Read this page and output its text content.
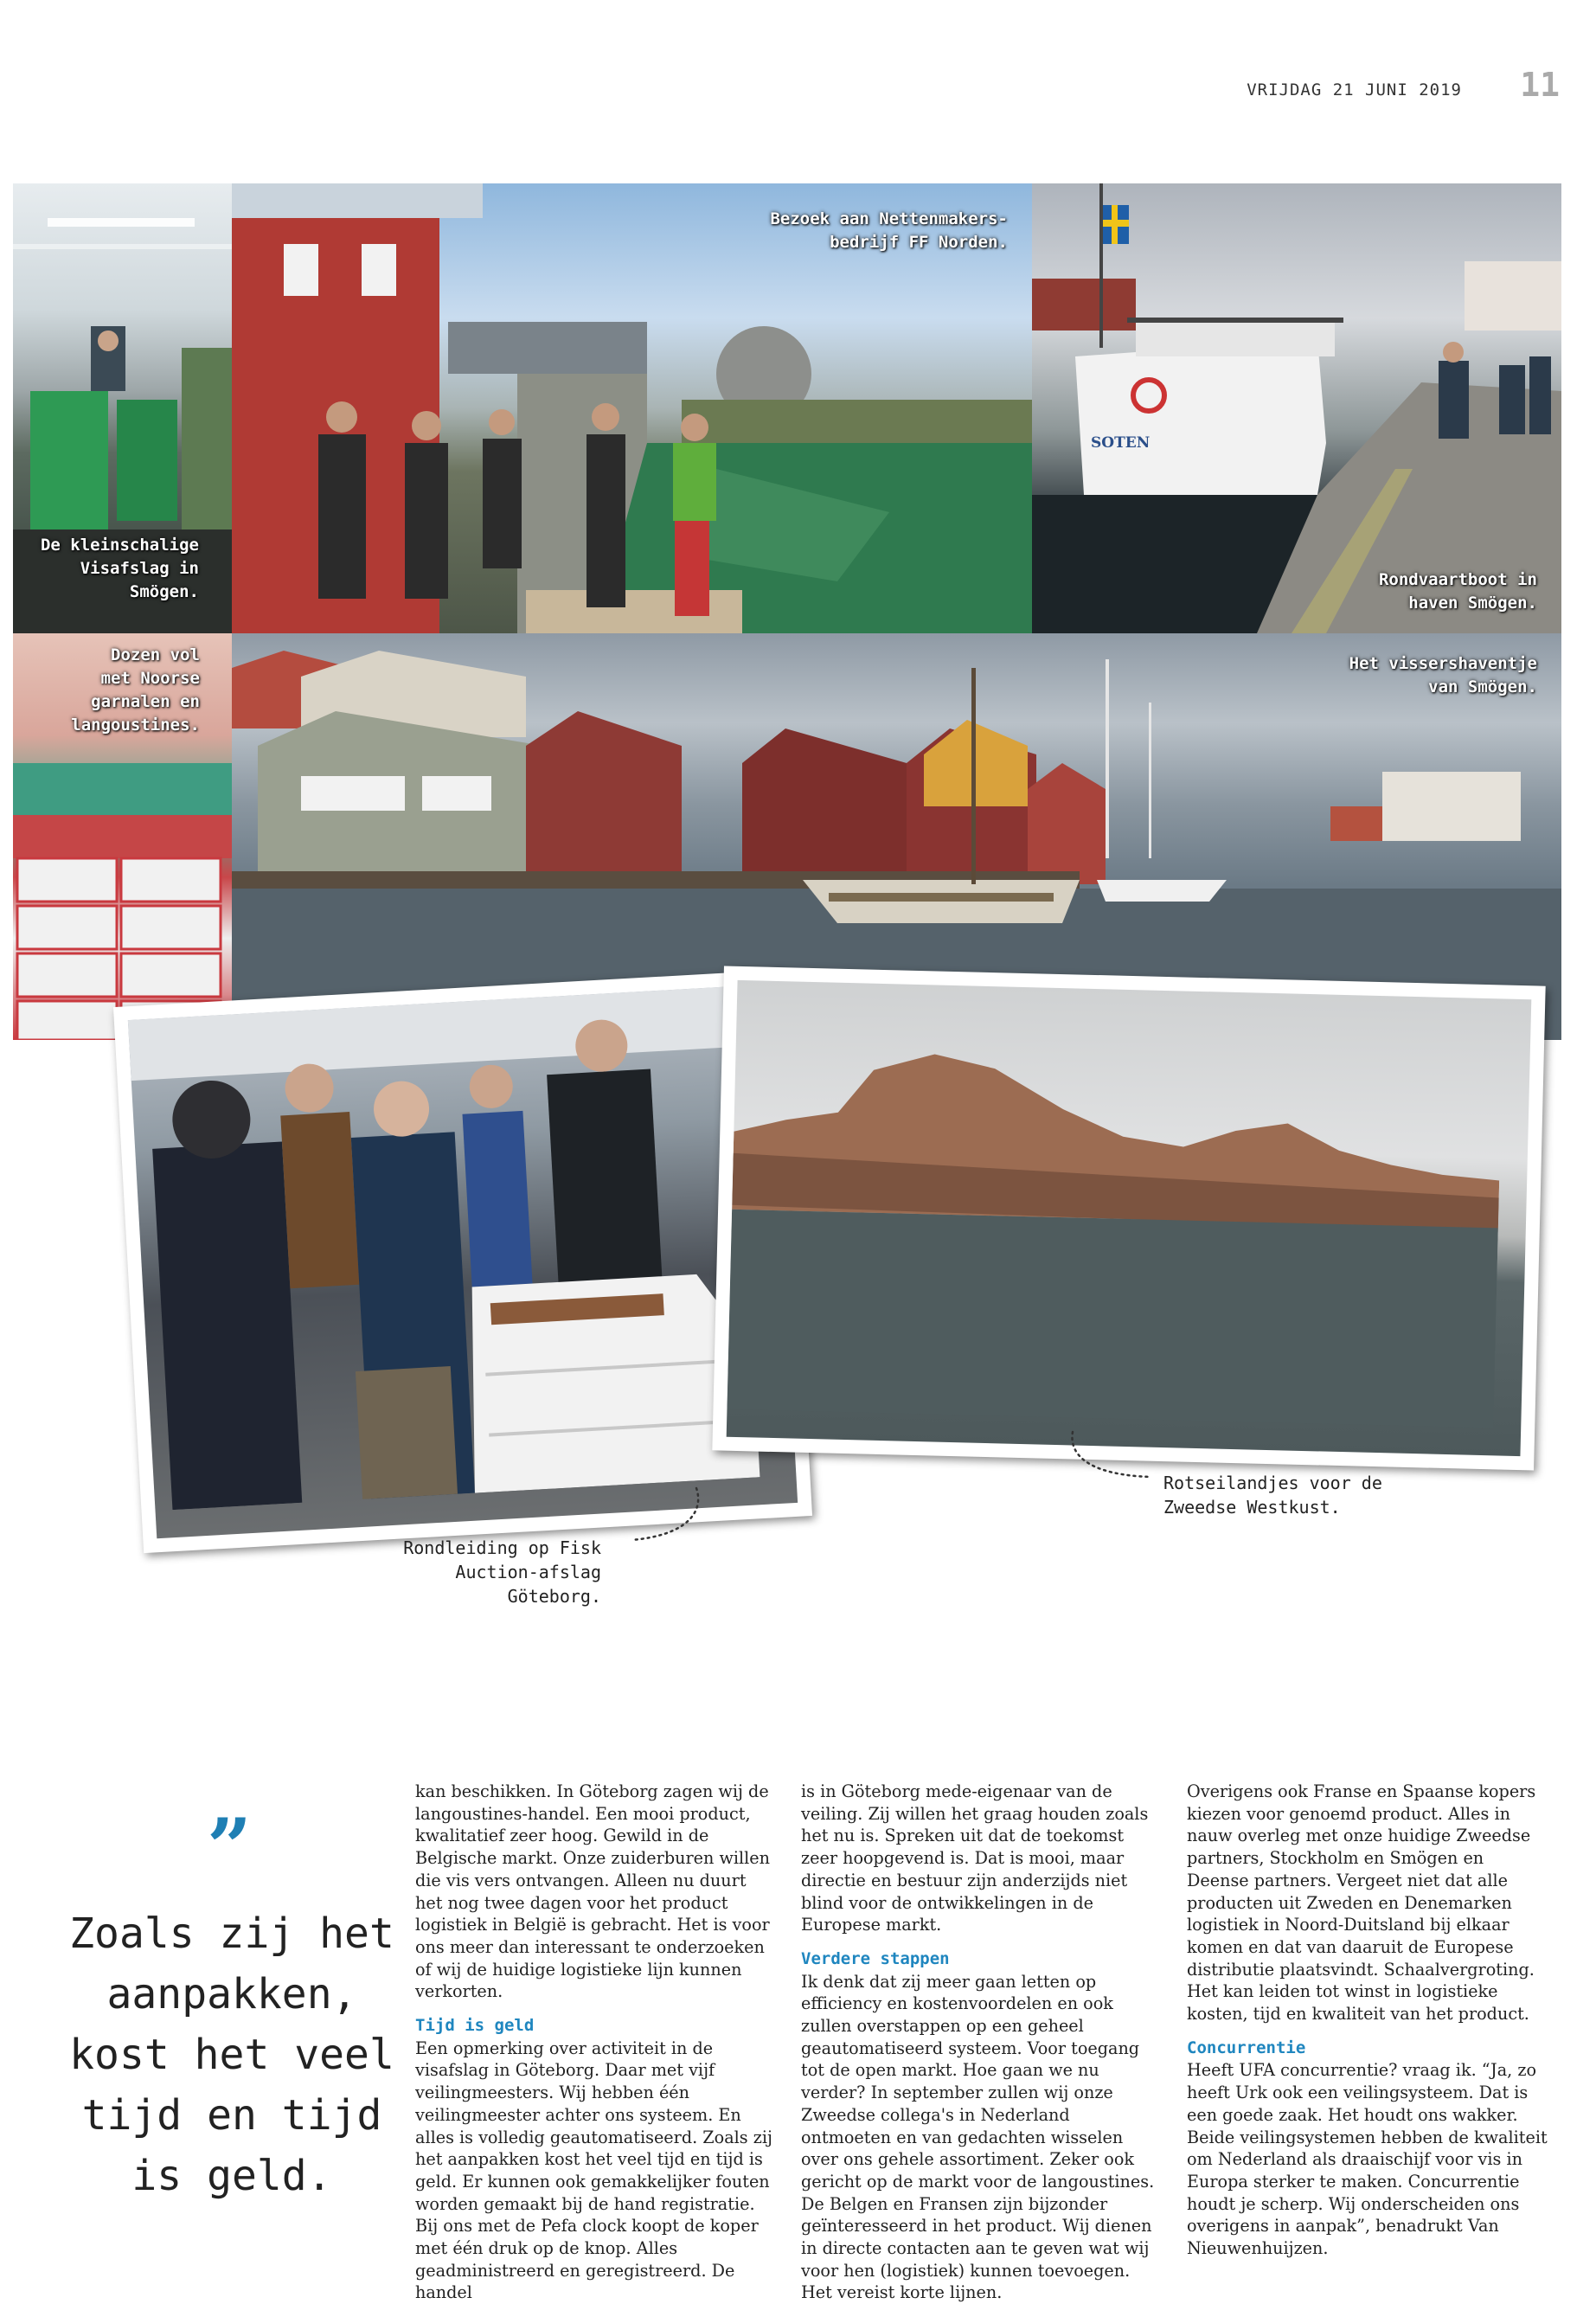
VRIJDAG 21 JUNI 2019 11
De kleinschalige
Visafslag in
Smögen.
Bezoek aan Nettenmakers-
bedrijf FF Norden.
SOTEN
Rondvaartboot in
haven Smögen.
Dozen vol
met Noorse
garnalen en
langoustines.
Het vissershaventje
van Smögen.
Rondleiding op Fisk
Auction-afslag Göteborg.
Rotseilandjes voor de
Zweedse Westkust.
”
Zoals zij het aanpakken, kost het veel tijd en tijd is geld.

kan beschikken. In Göteborg zagen wij de langoustines-handel. Een mooi product, kwalitatief zeer hoog. Gewild in de Belgische markt. Onze zuiderburen willen die vis vers ontvangen. Alleen nu duurt het nog twee dagen voor het product logistiek in België is gebracht. Het is voor ons meer dan interessant te onderzoeken of wij de huidige logistieke lijn kunnen verkorten.

Tijd is geld

Een opmerking over activiteit in de visafslag in Göteborg. Daar met vijf veilingmeesters. Wij hebben één veilingmeester achter ons systeem. En alles is volledig geautomatiseerd. Zoals zij het aanpakken kost het veel tijd en tijd is geld. Er kunnen ook gemakkelijker fouten worden gemaakt bij de hand registratie. Bij ons met de Pefa clock koopt de koper met één druk op de knop. Alles geadministreerd en geregistreerd. De handel

is in Göteborg mede-eigenaar van de veiling. Zij willen het graag houden zoals het nu is. Spreken uit dat de toekomst zeer hoopgevend is. Dat is mooi, maar directie en bestuur zijn anderzijds niet blind voor de ontwikkelingen in de Europese markt.

Verdere stappen

Ik denk dat zij meer gaan letten op efficiency en kostenvoordelen en ook zullen overstappen op een geheel geautomatiseerd systeem. Voor toegang tot de open markt. Hoe gaan we nu verder? In september zullen wij onze Zweedse collega's in Nederland ontmoeten en van gedachten wisselen over ons gehele assortiment. Zeker ook gericht op de markt voor de langoustines. De Belgen en Fransen zijn bijzonder geïnteresseerd in het product. Wij dienen in directe contacten aan te geven wat wij voor hen (logistiek) kunnen toevoegen. Het vereist korte lijnen.

Overigens ook Franse en Spaanse kopers kiezen voor genoemd product. Alles in nauw overleg met onze huidige Zweedse partners, Stockholm en Smögen en Deense partners. Vergeet niet dat alle producten uit Zweden en Denemarken logistiek in Noord-Duitsland bij elkaar komen en dat van daaruit de Europese distributie plaatsvindt. Schaalvergroting. Het kan leiden tot winst in logistieke kosten, tijd en kwaliteit van het product.

Concurrentie

Heeft UFA concurrentie? vraag ik. “Ja, zo heeft Urk ook een veilingsysteem. Dat is een goede zaak. Het houdt ons wakker. Beide veilingsystemen hebben de kwaliteit om Nederland als draaischijf voor vis in Europa sterker te maken. Concurrentie houdt je scherp. Wij onderscheiden ons overigens in aanpak”, benadrukt Van Nieuwenhuijzen.
